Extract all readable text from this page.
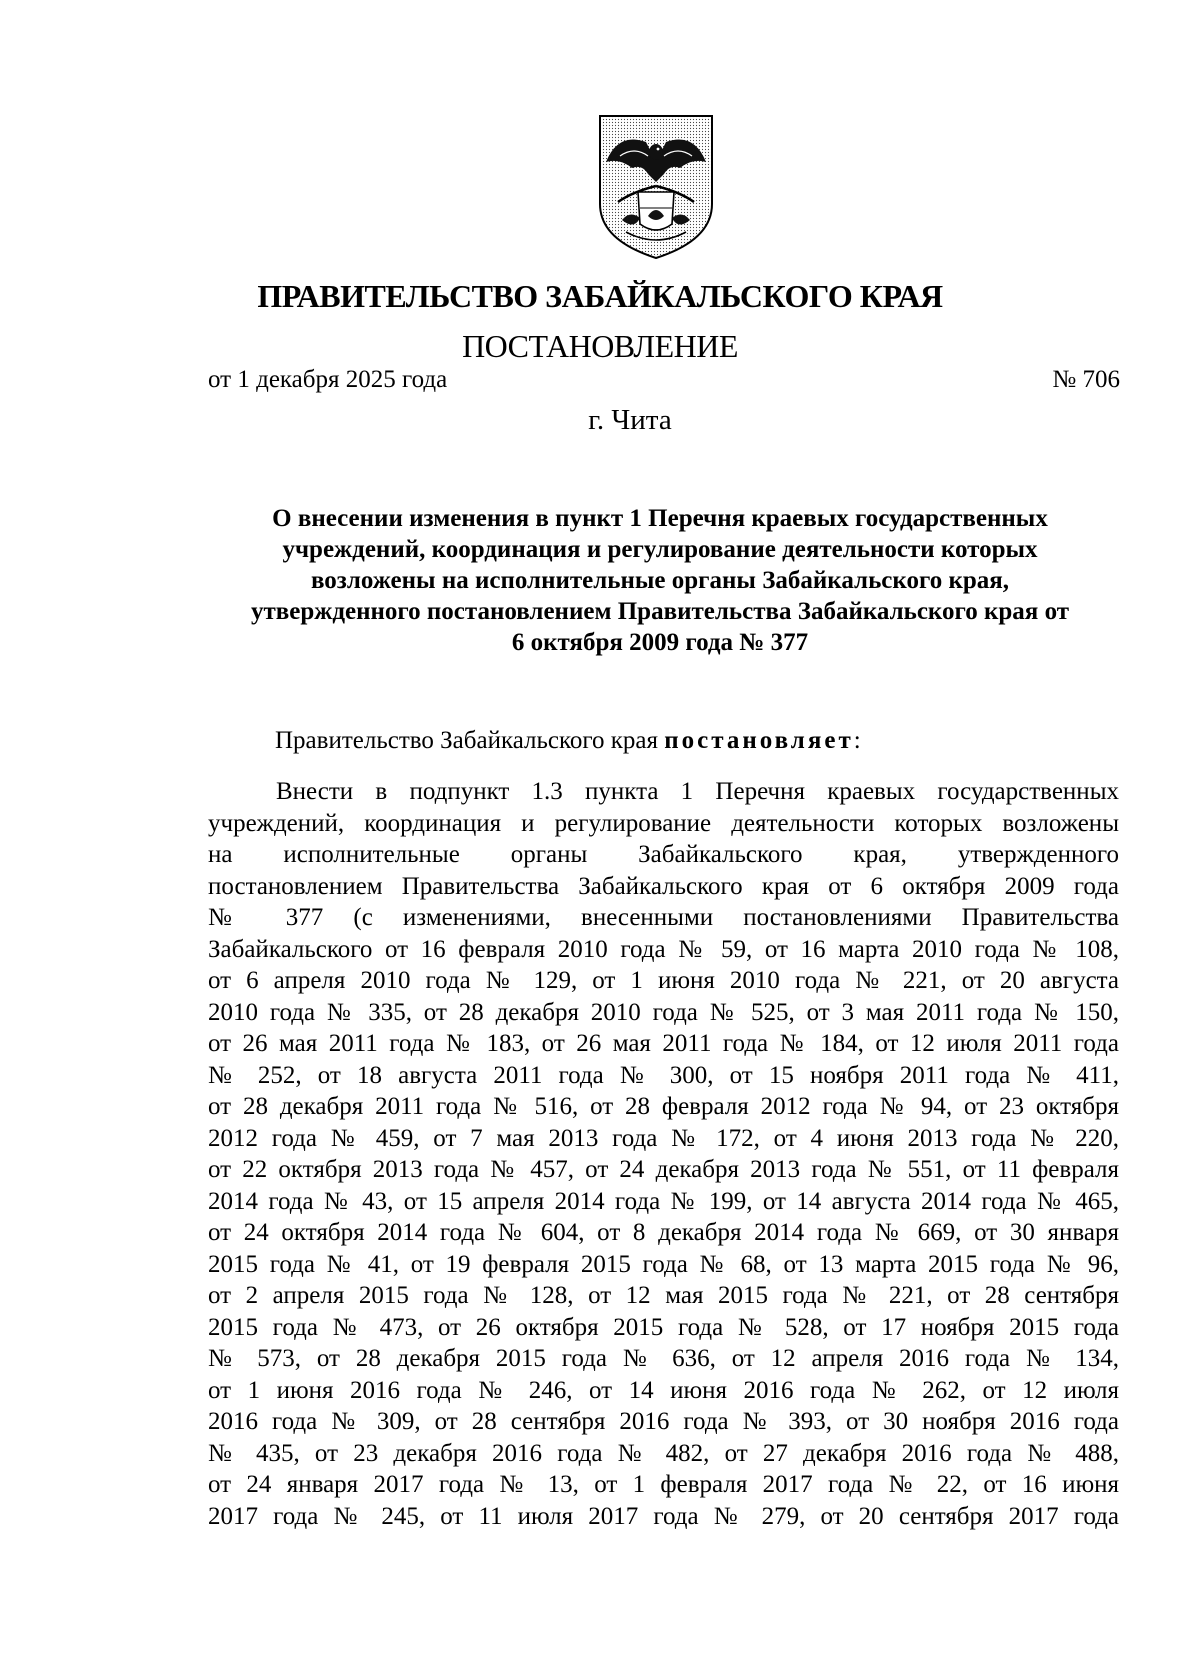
ПРАВИТЕЛЬСТВО ЗАБАЙКАЛЬСКОГО КРАЯ
ПОСТАНОВЛЕНИЕ
от 1 декабря 2025 года	№ 706
г. Чита
О внесении изменения в пункт 1 Перечня краевых государственных
учреждений, координация и регулирование деятельности которых
возложены на исполнительные органы Забайкальского края,
утвержденного постановлением Правительства Забайкальского края от
6 октября 2009 года № 377
Правительство Забайкальского края постановляет:
Внести в подпункт 1.3 пункта 1 Перечня краевых государственных
учреждений, координация и регулирование деятельности которых возложены
на исполнительные органы Забайкальского края, утвержденного
постановлением Правительства Забайкальского края от 6 октября 2009 года
№ 377 (с изменениями, внесенными постановлениями Правительства
Забайкальского от 16 февраля 2010 года № 59, от 16 марта 2010 года № 108,
от 6 апреля 2010 года № 129, от 1 июня 2010 года № 221, от 20 августа
2010 года № 335, от 28 декабря 2010 года № 525, от 3 мая 2011 года № 150,
от 26 мая 2011 года № 183, от 26 мая 2011 года № 184, от 12 июля 2011 года
№ 252, от 18 августа 2011 года № 300, от 15 ноября 2011 года № 411,
от 28 декабря 2011 года № 516, от 28 февраля 2012 года № 94, от 23 октября
2012 года № 459, от 7 мая 2013 года № 172, от 4 июня 2013 года № 220,
от 22 октября 2013 года № 457, от 24 декабря 2013 года № 551, от 11 февраля
2014 года № 43, от 15 апреля 2014 года № 199, от 14 августа 2014 года № 465,
от 24 октября 2014 года № 604, от 8 декабря 2014 года № 669, от 30 января
2015 года № 41, от 19 февраля 2015 года № 68, от 13 марта 2015 года № 96,
от 2 апреля 2015 года № 128, от 12 мая 2015 года № 221, от 28 сентября
2015 года № 473, от 26 октября 2015 года № 528, от 17 ноября 2015 года
№ 573, от 28 декабря 2015 года № 636, от 12 апреля 2016 года № 134,
от 1 июня 2016 года № 246, от 14 июня 2016 года № 262, от 12 июля
2016 года № 309, от 28 сентября 2016 года № 393, от 30 ноября 2016 года
№ 435, от 23 декабря 2016 года № 482, от 27 декабря 2016 года № 488,
от 24 января 2017 года № 13, от 1 февраля 2017 года № 22, от 16 июня
2017 года № 245, от 11 июля 2017 года № 279, от 20 сентября 2017 года
